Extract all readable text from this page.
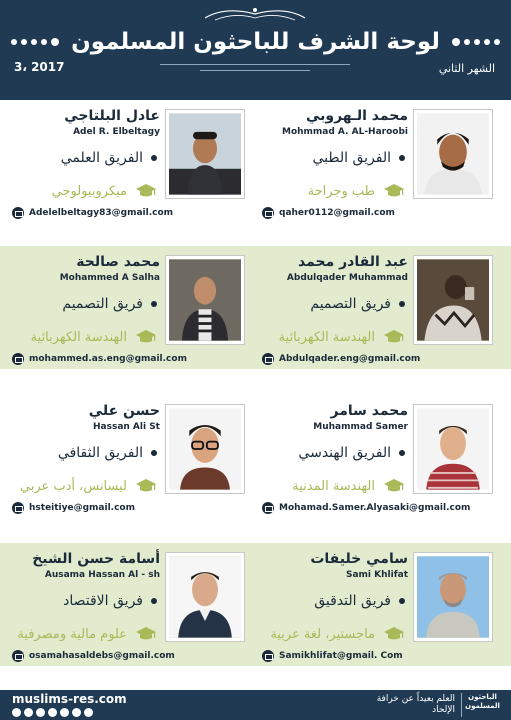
لوحة الشرف للباحثون المسلمون
3، 2017	الشهر الثاني
عادل البلتاجي
Adel R. Elbeltagy
الفريق العلمي
ميكروبيولوجي
Adelelbeltagy83@gmail.com
محمد الـهروبي
Mohmmad A. AL-Haroobi
الفريق الطبي
طب وجراحة
qaher0112@gmail.com
محمد صالحة
Mohammed A Salha
فريق التصميم
الهندسة الكهربائية
mohammed.as.eng@gmail.com
عبد القادر محمد
Abdulqader Muhammad
فريق التصميم
الهندسة الكهربائية
Abdulqader.eng@gmail.com
حسن علي
Hassan Ali St
الفريق الثقافي
ليسانس، أدب عربي
hsteitiye@gmail.com
محمد سامر
Muhammad Samer
الفريق الهندسي
الهندسة المدنية
Mohamad.Samer.Alyasaki@gmail.com
أسامة حسن الشيخ
Ausama Hassan Al - sh
فريق الاقتصاد
علوم مالية ومصرفية
osamahasaldebs@gmail.com
سامي خليفات
Sami Khlifat
فريق التدقيق
ماجستير، لغة عربية
Samikhlifat@gmail. Com
muslims-res.com	العلم بعيداً عن خرافة الإلحاد
الباحثون المسلمون
